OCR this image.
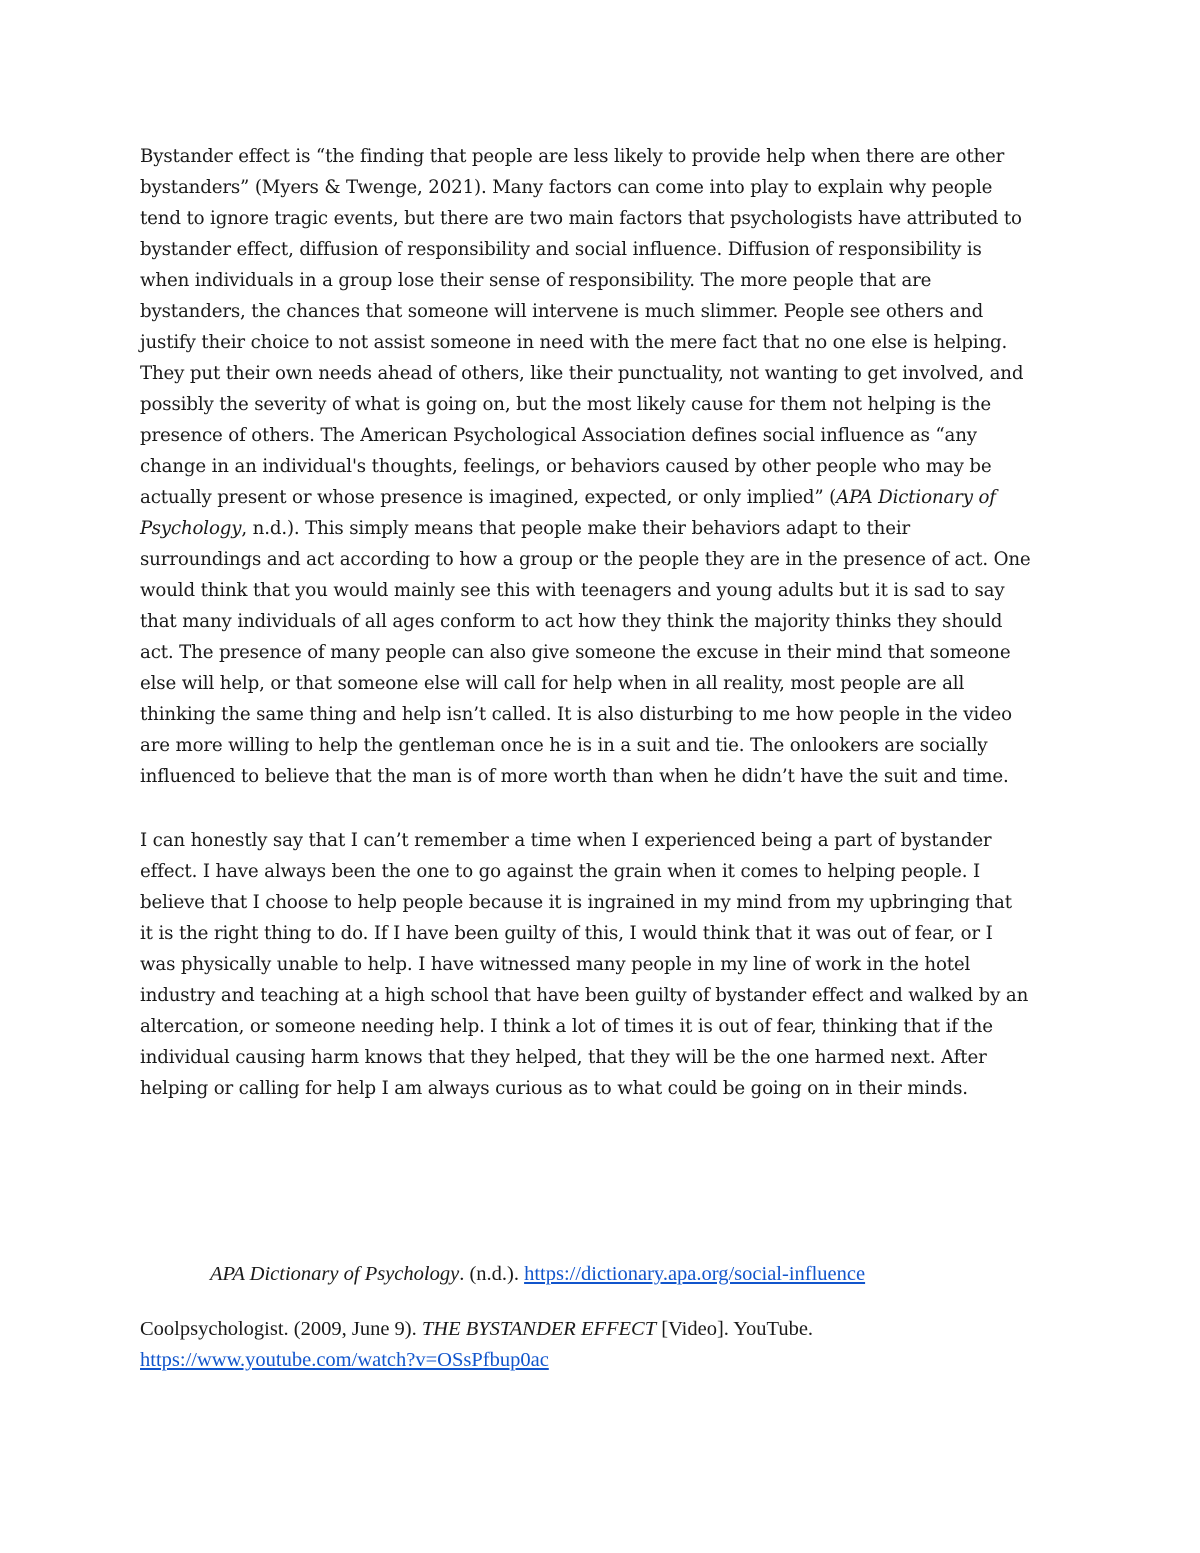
Bystander effect is “the finding that people are less likely to provide help when there are other
bystanders” (Myers & Twenge, 2021). Many factors can come into play to explain why people
tend to ignore tragic events, but there are two main factors that psychologists have attributed to
bystander effect, diffusion of responsibility and social influence. Diffusion of responsibility is
when individuals in a group lose their sense of responsibility. The more people that are
bystanders, the chances that someone will intervene is much slimmer. People see others and
justify their choice to not assist someone in need with the mere fact that no one else is helping.
They put their own needs ahead of others, like their punctuality, not wanting to get involved, and
possibly the severity of what is going on, but the most likely cause for them not helping is the
presence of others. The American Psychological Association defines social influence as “any
change in an individual's thoughts, feelings, or behaviors caused by other people who may be
actually present or whose presence is imagined, expected, or only implied” (APA Dictionary of
Psychology, n.d.). This simply means that people make their behaviors adapt to their
surroundings and act according to how a group or the people they are in the presence of act. One
would think that you would mainly see this with teenagers and young adults but it is sad to say
that many individuals of all ages conform to act how they think the majority thinks they should
act. The presence of many people can also give someone the excuse in their mind that someone
else will help, or that someone else will call for help when in all reality, most people are all
thinking the same thing and help isn’t called. It is also disturbing to me how people in the video
are more willing to help the gentleman once he is in a suit and tie. The onlookers are socially
influenced to believe that the man is of more worth than when he didn’t have the suit and time.
I can honestly say that I can’t remember a time when I experienced being a part of bystander
effect. I have always been the one to go against the grain when it comes to helping people. I
believe that I choose to help people because it is ingrained in my mind from my upbringing that
it is the right thing to do. If I have been guilty of this, I would think that it was out of fear, or I
was physically unable to help. I have witnessed many people in my line of work in the hotel
industry and teaching at a high school that have been guilty of bystander effect and walked by an
altercation, or someone needing help. I think a lot of times it is out of fear, thinking that if the
individual causing harm knows that they helped, that they will be the one harmed next. After
helping or calling for help I am always curious as to what could be going on in their minds.
APA Dictionary of Psychology. (n.d.). https://dictionary.apa.org/social-influence
Coolpsychologist. (2009, June 9). THE BYSTANDER EFFECT [Video]. YouTube.
https://www.youtube.com/watch?v=OSsPfbup0ac
